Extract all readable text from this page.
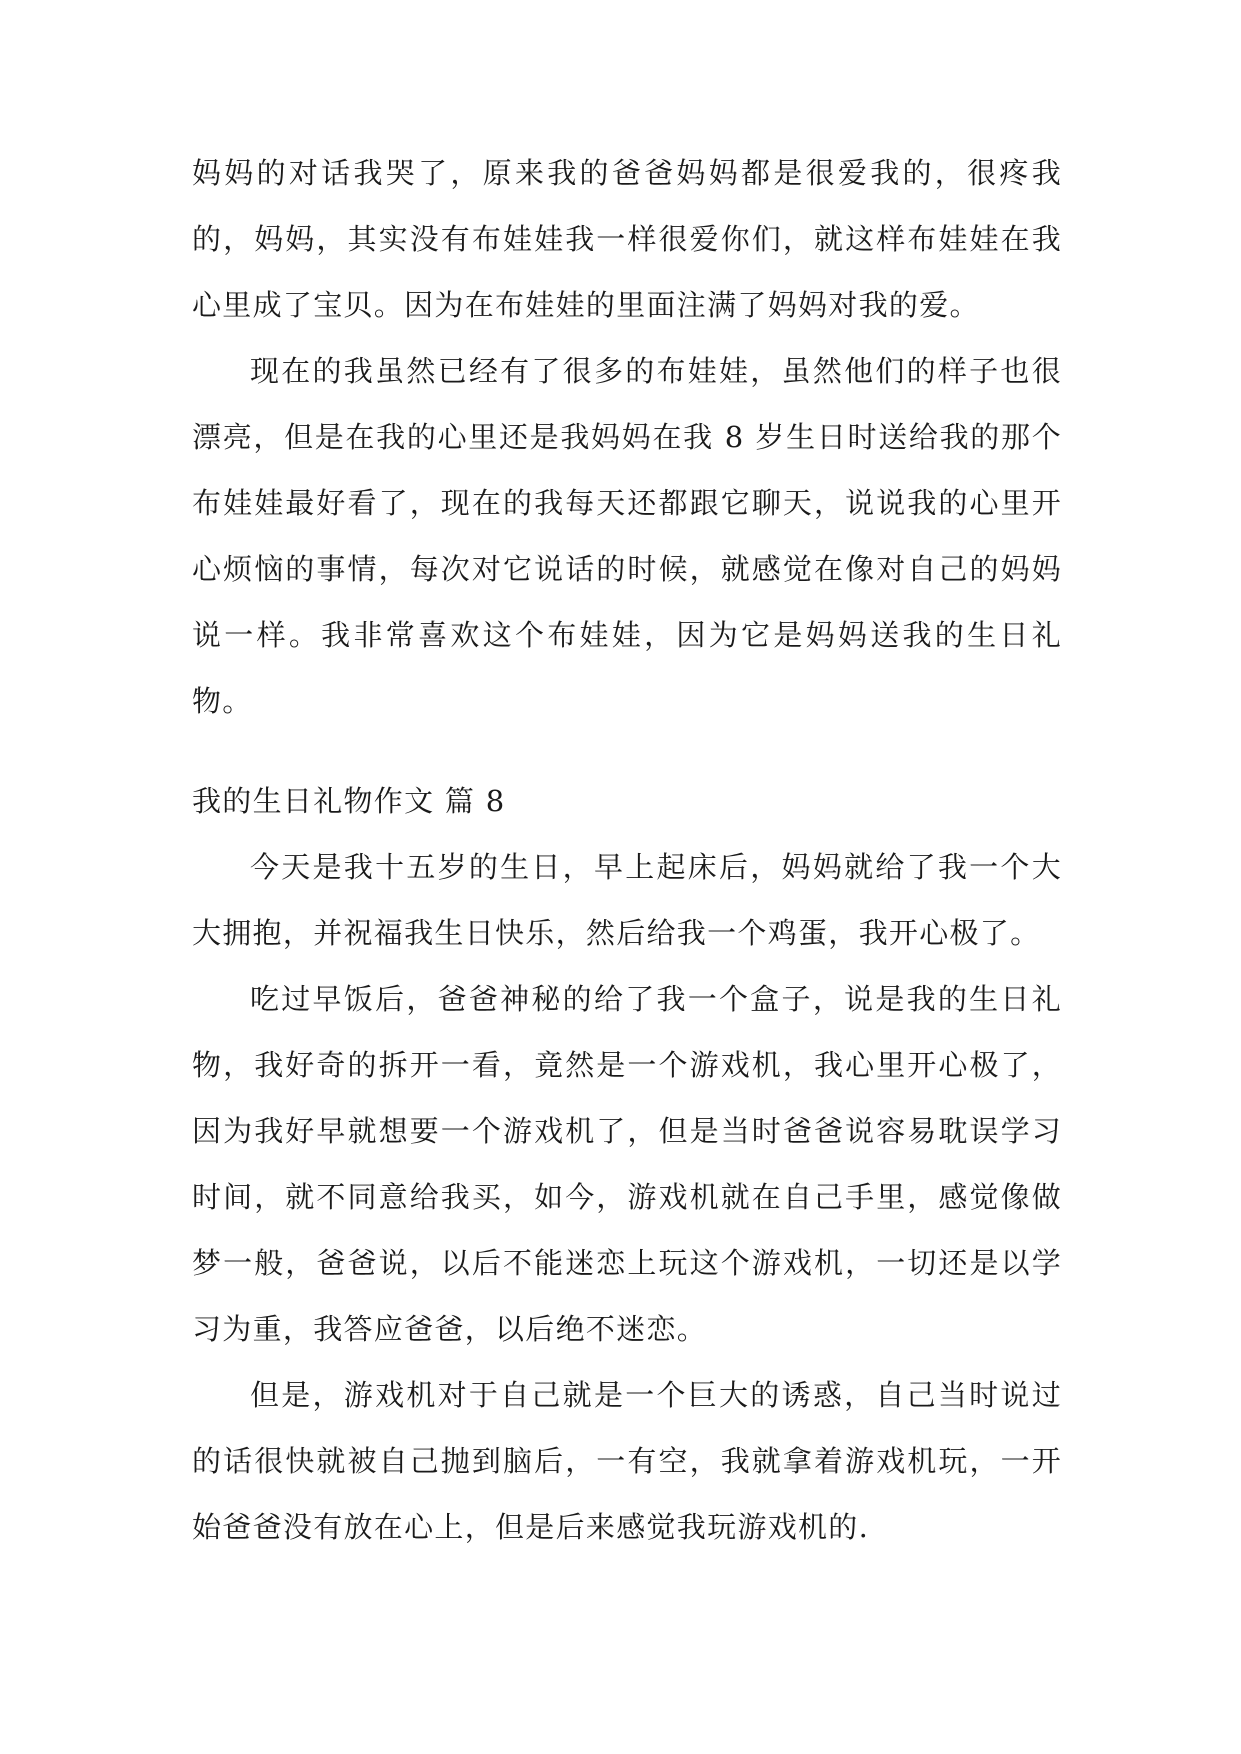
妈妈的对话我哭了，原来我的爸爸妈妈都是很爱我的，很疼我的，妈妈，其实没有布娃娃我一样很爱你们，就这样布娃娃在我心里成了宝贝。因为在布娃娃的里面注满了妈妈对我的爱。

现在的我虽然已经有了很多的布娃娃，虽然他们的样子也很漂亮，但是在我的心里还是我妈妈在我 8 岁生日时送给我的那个布娃娃最好看了，现在的我每天还都跟它聊天，说说我的心里开心烦恼的事情，每次对它说话的时候，就感觉在像对自己的妈妈说一样。我非常喜欢这个布娃娃，因为它是妈妈送我的生日礼物。

我的生日礼物作文 篇 8

今天是我十五岁的生日，早上起床后，妈妈就给了我一个大大拥抱，并祝福我生日快乐，然后给我一个鸡蛋，我开心极了。

吃过早饭后，爸爸神秘的给了我一个盒子，说是我的生日礼物，我好奇的拆开一看，竟然是一个游戏机，我心里开心极了，因为我好早就想要一个游戏机了，但是当时爸爸说容易耽误学习时间，就不同意给我买，如今，游戏机就在自己手里，感觉像做梦一般，爸爸说，以后不能迷恋上玩这个游戏机，一切还是以学习为重，我答应爸爸，以后绝不迷恋。

但是，游戏机对于自己就是一个巨大的诱惑，自己当时说过的话很快就被自己抛到脑后，一有空，我就拿着游戏机玩，一开始爸爸没有放在心上，但是后来感觉我玩游戏机的.
